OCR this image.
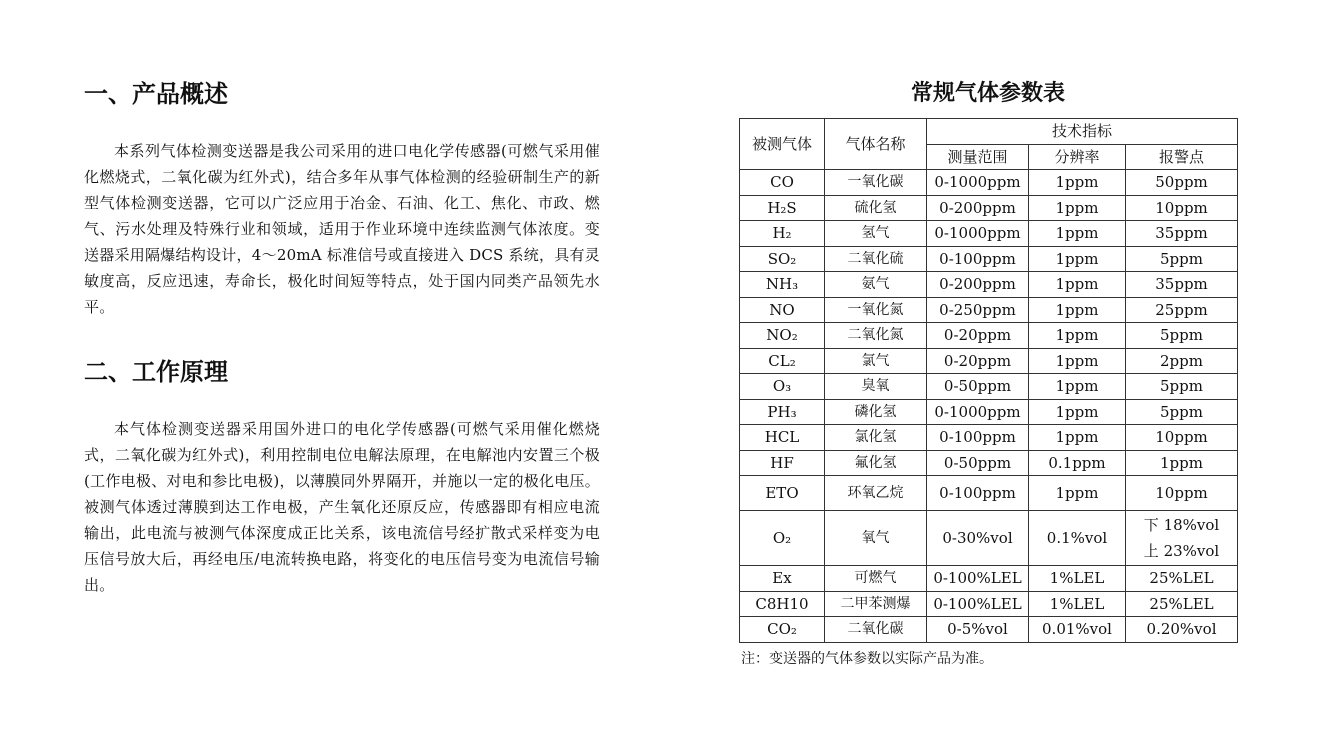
一、产品概述

本系列气体检测变送器是我公司采用的进口电化学传感器(可燃气采用催化燃烧式，二氧化碳为红外式)，结合多年从事气体检测的经验研制生产的新型气体检测变送器，它可以广泛应用于冶金、石油、化工、焦化、市政、燃气、污水处理及特殊行业和领域，适用于作业环境中连续监测气体浓度。变送器采用隔爆结构设计，4～20mA 标准信号或直接进入 DCS 系统，具有灵敏度高，反应迅速，寿命长，极化时间短等特点，处于国内同类产品领先水平。

二、工作原理

本气体检测变送器采用国外进口的电化学传感器(可燃气采用催化燃烧式，二氧化碳为红外式)，利用控制电位电解法原理，在电解池内安置三个极(工作电极、对电和参比电极)，以薄膜同外界隔开，并施以一定的极化电压。被测气体透过薄膜到达工作电极，产生氧化还原反应，传感器即有相应电流输出，此电流与被测气体深度成正比关系，该电流信号经扩散式采样变为电压信号放大后，再经电压/电流转换电路，将变化的电压信号变为电流信号输出。

常规气体参数表
被测气体	气体名称	技术指标		
		测量范围	分辨率	报警点
CO	一氧化碳	0-1000ppm	1ppm	50ppm
H₂S	硫化氢	0-200ppm	1ppm	10ppm
H₂	氢气	0-1000ppm	1ppm	35ppm
SO₂	二氧化硫	0-100ppm	1ppm	5ppm
NH₃	氨气	0-200ppm	1ppm	35ppm
NO	一氧化氮	0-250ppm	1ppm	25ppm
NO₂	二氧化氮	0-20ppm	1ppm	5ppm
CL₂	氯气	0-20ppm	1ppm	2ppm
O₃	臭氧	0-50ppm	1ppm	5ppm
PH₃	磷化氢	0-1000ppm	1ppm	5ppm
HCL	氯化氢	0-100ppm	1ppm	10ppm
HF	氟化氢	0-50ppm	0.1ppm	1ppm
ETO	环氧乙烷	0-100ppm	1ppm	10ppm
O₂	氧气	0-30%vol	0.1%vol	下 18%vol
上 23%vol

Ex	可燃气	0-100%LEL	1%LEL	25%LEL
C8H10	二甲苯测爆	0-100%LEL	1%LEL	25%LEL
CO₂	二氧化碳	0-5%vol	0.01%vol	0.20%vol
注：变送器的气体参数以实际产品为准。
